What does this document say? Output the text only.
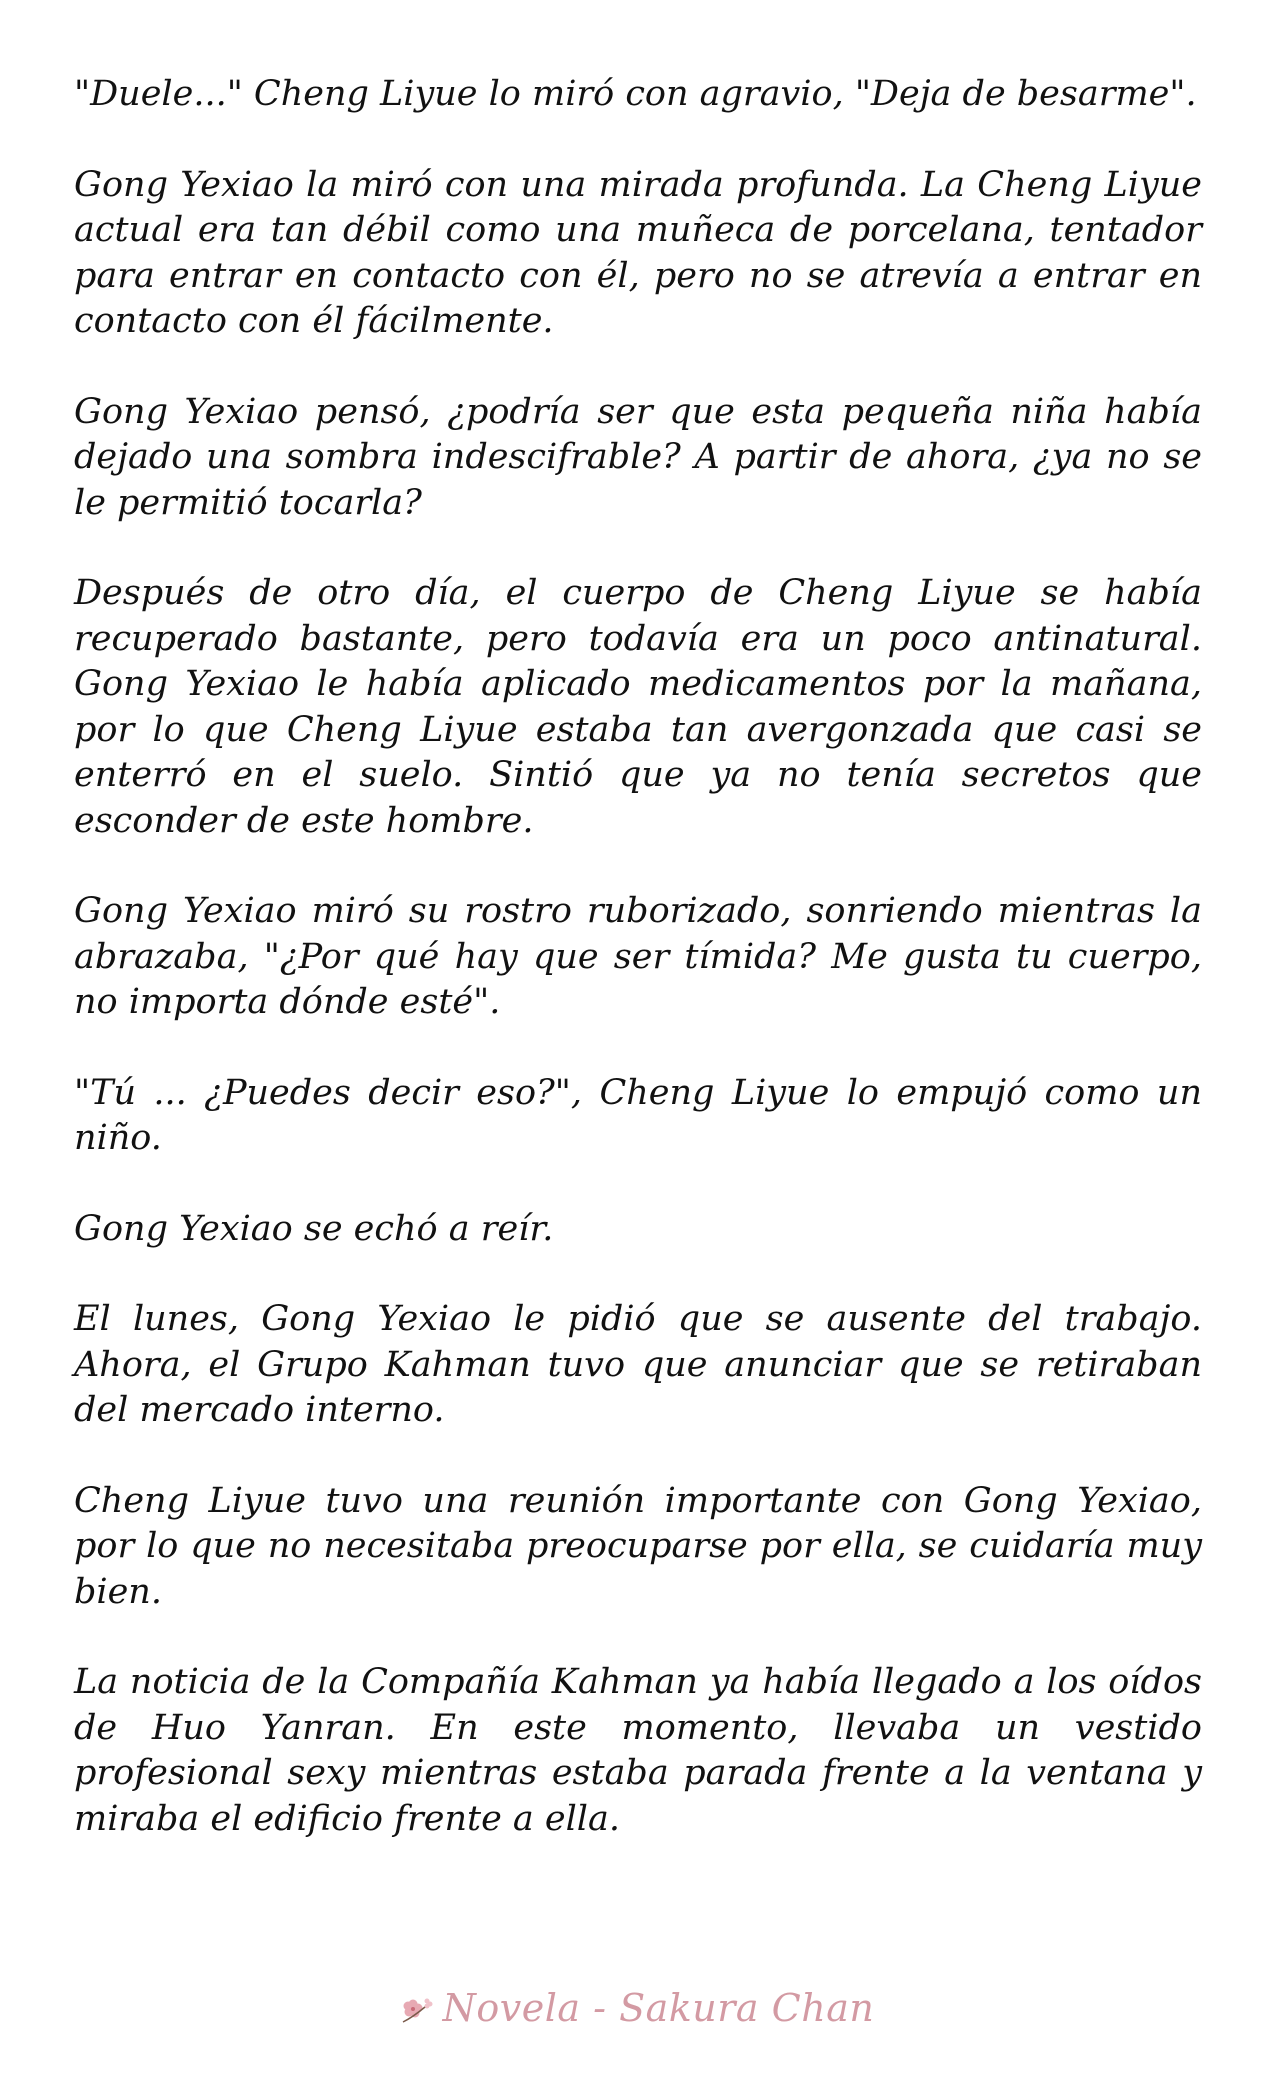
"Duele..." Cheng Liyue lo miró con agravio, "Deja de besarme".

Gong Yexiao la miró con una mirada profunda. La Cheng Liyue actual era tan débil como una muñeca de porcelana, tentador para entrar en contacto con él, pero no se atrevía a entrar en contacto con él fácilmente.

Gong Yexiao pensó, ¿podría ser que esta pequeña niña había dejado una sombra indescifrable? A partir de ahora, ¿ya no se le permitió tocarla?

Después de otro día, el cuerpo de Cheng Liyue se había recuperado bastante, pero todavía era un poco antinatural. Gong Yexiao le había aplicado medicamentos por la mañana, por lo que Cheng Liyue estaba tan avergonzada que casi se enterró en el suelo. Sintió que ya no tenía secretos que esconder de este hombre.

Gong Yexiao miró su rostro ruborizado, sonriendo mientras la abrazaba, "¿Por qué hay que ser tímida? Me gusta tu cuerpo, no importa dónde esté".

"Tú ... ¿Puedes decir eso?", Cheng Liyue lo empujó como un niño.

Gong Yexiao se echó a reír.

El lunes, Gong Yexiao le pidió que se ausente del trabajo. Ahora, el Grupo Kahman tuvo que anunciar que se retiraban del mercado interno.

Cheng Liyue tuvo una reunión importante con Gong Yexiao, por lo que no necesitaba preocuparse por ella, se cuidaría muy bien.

La noticia de la Compañía Kahman ya había llegado a los oídos de Huo Yanran. En este momento, llevaba un vestido profesional sexy mientras estaba parada frente a la ventana y miraba el edificio frente a ella.

Novela - Sakura Chan
